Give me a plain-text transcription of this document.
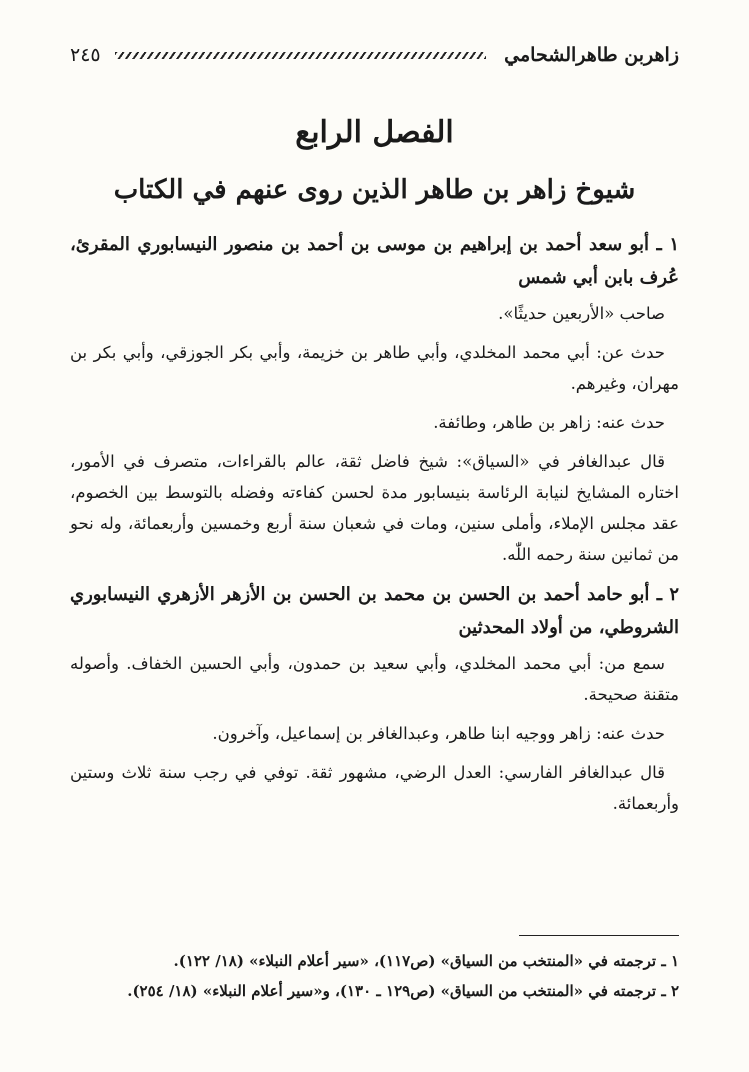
زاهربن طاهرالشحامي
٢٤٥
الفصل الرابع
شيوخ زاهر بن طاهر الذين روى عنهم في الكتاب

١ ـ أبو سعد أحمد بن إبراهيم بن موسى بن أحمد بن منصور النيسابوري المقرئ، عُرف بابن أبي شمس

صاحب «الأربعين حديثًا».

حدث عن: أبي محمد المخلدي، وأبي طاهر بن خزيمة، وأبي بكر الجوزقي، وأبي بكر بن مهران، وغيرهم.

حدث عنه: زاهر بن طاهر، وطائفة.

قال عبدالغافر في «السياق»: شيخ فاضل ثقة، عالم بالقراءات، متصرف في الأمور، اختاره المشايخ لنيابة الرئاسة بنيسابور مدة لحسن كفاءته وفضله بالتوسط بين الخصوم، عقد مجلس الإملاء، وأملى سنين، ومات في شعبان سنة أربع وخمسين وأربعمائة، وله نحو من ثمانين سنة رحمه اللّٰه.

٢ ـ أبو حامد أحمد بن الحسن بن محمد بن الحسن بن الأزهر الأزهري النيسابوري الشروطي، من أولاد المحدثين

سمع من: أبي محمد المخلدي، وأبي سعيد بن حمدون، وأبي الحسين الخفاف. وأصوله متقنة صحيحة.

حدث عنه: زاهر ووجيه ابنا طاهر، وعبدالغافر بن إسماعيل، وآخرون.

قال عبدالغافر الفارسي: العدل الرضي، مشهور ثقة. توفي في رجب سنة ثلاث وستين وأربعمائة.

١ ـ ترجمته في «المنتخب من السياق» (ص١١٧)، «سير أعلام النبلاء» (١٨/ ١٢٢).

٢ ـ ترجمته في «المنتخب من السياق» (ص١٢٩ ـ ١٣٠)، و«سير أعلام النبلاء» (١٨/ ٢٥٤).
